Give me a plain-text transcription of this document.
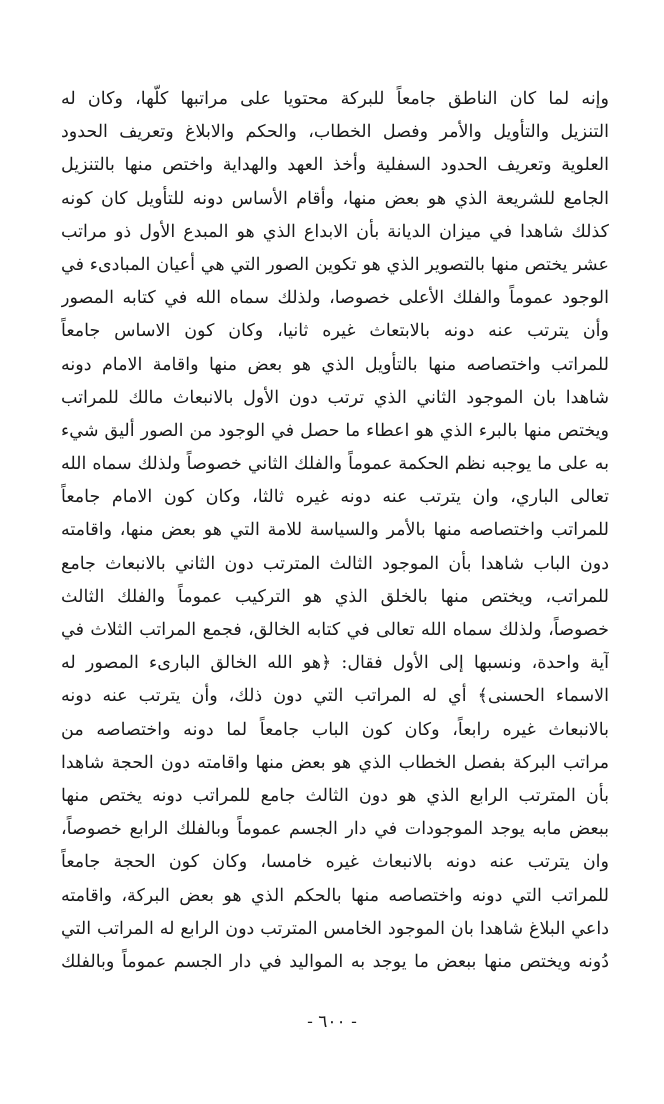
وإنه لما كان الناطق جامعاً للبركة محتويا على مراتبها كلّها، وكان له
التنزيل والتأويل والأمر وفصل الخطاب، والحكم والابلاغ وتعريف الحدود
العلوية وتعريف الحدود السفلية وأخذ العهد والهداية واختص منها بالتنزيل
الجامع للشريعة الذي هو بعض منها، وأقام الأساس دونه للتأويل كان كونه
كذلك شاهدا في ميزان الديانة بأن الابداع الذي هو المبدع الأول ذو مراتب
عشر يختص منها بالتصوير الذي هو تكوين الصور التي هي أعيان المبادىء في
الوجود عموماً والفلك الأعلى خصوصا، ولذلك سماه الله في كتابه المصور
وأن يترتب عنه دونه بالابتعاث غيره ثانيا، وكان كون الاساس جامعاً
للمراتب واختصاصه منها بالتأويل الذي هو بعض منها واقامة الامام دونه
شاهدا بان الموجود الثاني الذي ترتب دون الأول بالانبعاث مالك للمراتب
ويختص منها بالبرء الذي هو اعطاء ما حصل في الوجود من الصور أليق شيء
به على ما يوجبه نظم الحكمة عموماً والفلك الثاني خصوصاً ولذلك سماه الله
تعالى الباري، وان يترتب عنه دونه غيره ثالثا، وكان كون الامام جامعاً
للمراتب واختصاصه منها بالأمر والسياسة للامة التي هو بعض منها، واقامته
دون الباب شاهدا بأن الموجود الثالث المترتب دون الثاني بالانبعاث جامع
للمراتب، ويختص منها بالخلق الذي هو التركيب عموماً والفلك الثالث
خصوصاً، ولذلك سماه الله تعالى في كتابه الخالق، فجمع المراتب الثلاث في
آية واحدة، ونسبها إلى الأول فقال: ﴿هو الله الخالق البارىء المصور له
الاسماء الحسنى﴾ أي له المراتب التي دون ذلك، وأن يترتب عنه دونه
بالانبعاث غيره رابعاً، وكان كون الباب جامعاً لما دونه واختصاصه من
مراتب البركة بفصل الخطاب الذي هو بعض منها واقامته دون الحجة شاهدا
بأن المترتب الرابع الذي هو دون الثالث جامع للمراتب دونه يختص منها
ببعض مابه يوجد الموجودات في دار الجسم عموماً وبالفلك الرابع خصوصاً،
وان يترتب عنه دونه بالانبعاث غيره خامسا، وكان كون الحجة جامعاً
للمراتب التي دونه واختصاصه منها بالحكم الذي هو بعض البركة، واقامته
داعي البلاغ شاهدا بان الموجود الخامس المترتب دون الرابع له المراتب التي
دُونه ويختص منها ببعض ما يوجد به المواليد في دار الجسم عموماً وبالفلك
- ٦٠٠ -
